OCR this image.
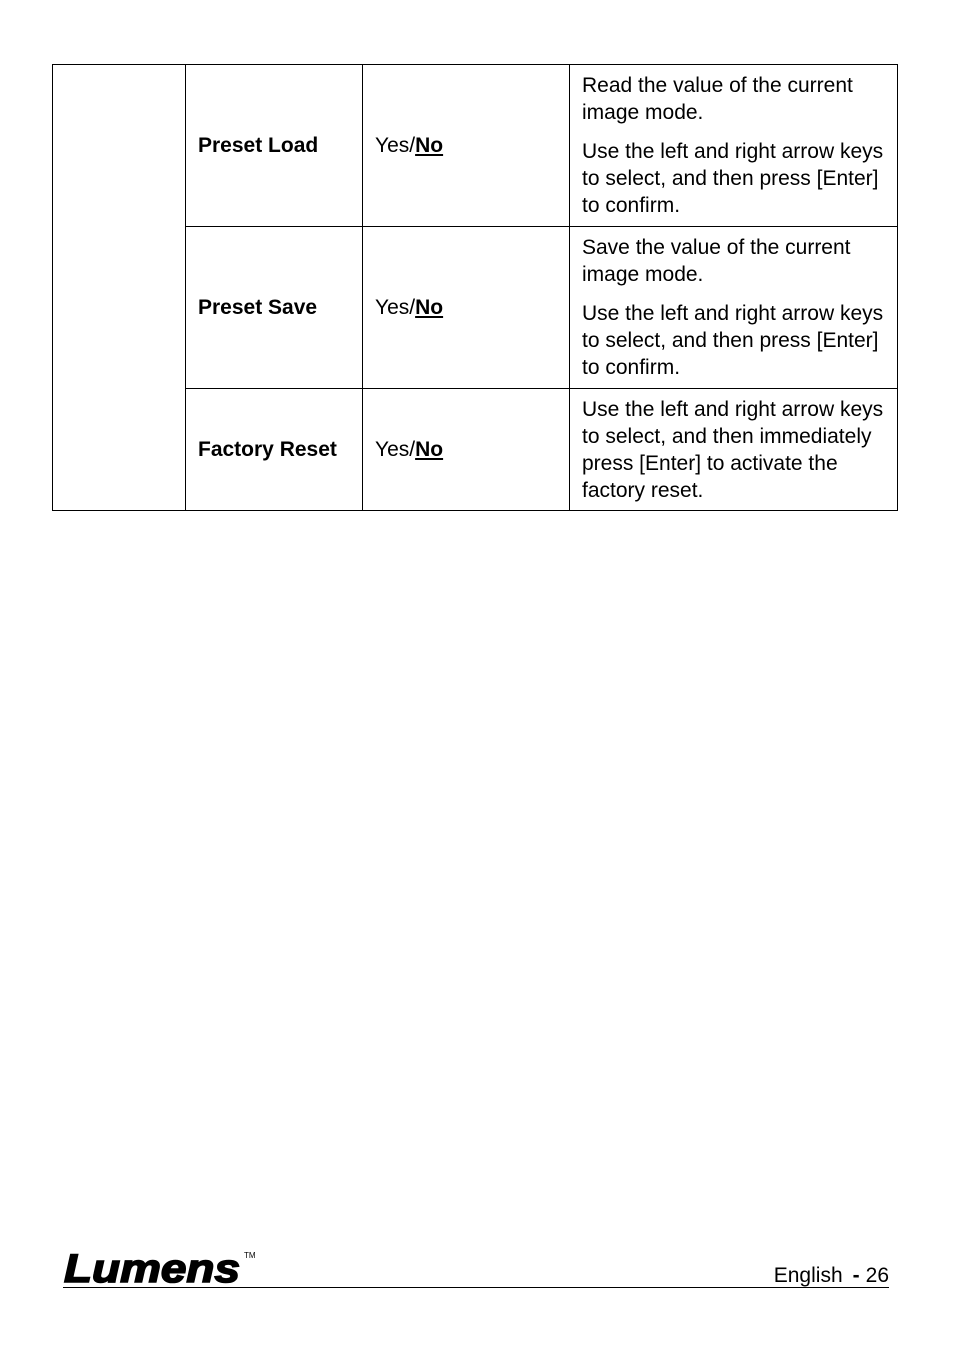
	Preset Load	Yes/No	Read the value of the current image mode.

Use the left and right arrow keys to select, and then press [Enter] to confirm.

	Preset Save	Yes/No	Save the value of the current image mode.

Use the left and right arrow keys to select, and then press [Enter] to confirm.

	Factory Reset	Yes/No	Use the left and right arrow keys to select, and then immediately press [Enter] to activate the factory reset.

Lumens TM
English - 26
